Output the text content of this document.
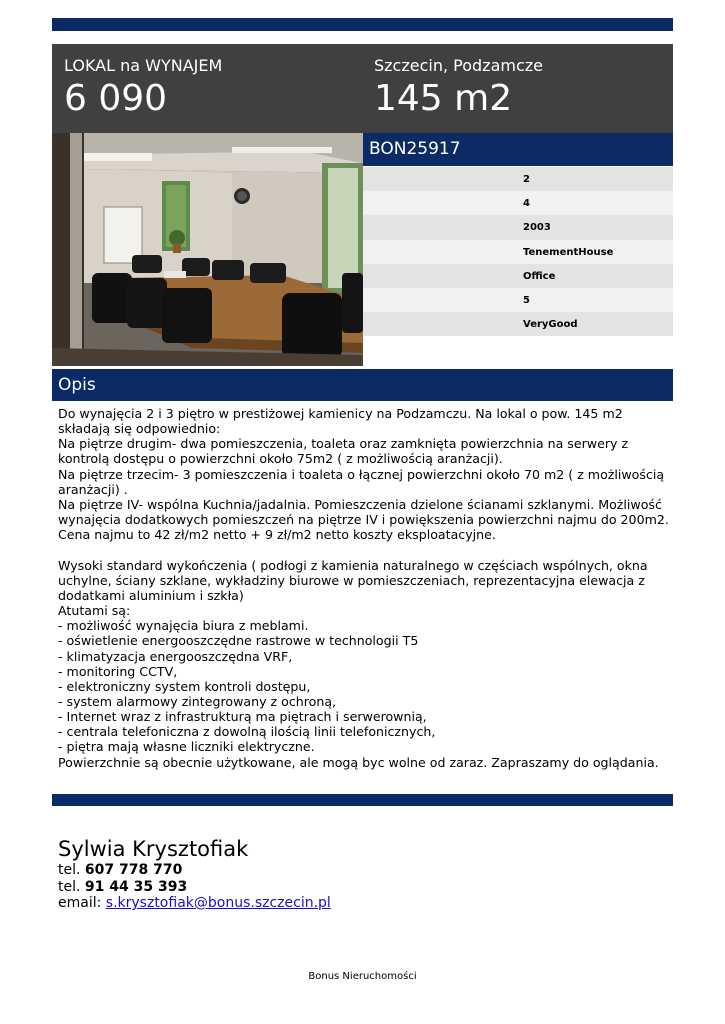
LOKAL na WYNAJEM
6 090
Szczecin, Podzamcze
145 m2
BON25917
2
4
2003
TenementHouse
Office
5
VeryGood
Opis
Do wynajęcia 2 i 3 piętro w prestiżowej kamienicy na Podzamczu. Na lokal o pow. 145 m2 składają się odpowiednio:
Na piętrze drugim- dwa pomieszczenia, toaleta oraz zamknięta powierzchnia na serwery z kontrolą dostępu o powierzchni około 75m2 ( z możliwością aranżacji).
Na piętrze trzecim- 3 pomieszczenia i toaleta o łącznej powierzchni około 70 m2 ( z możliwością aranżacji) .
Na piętrze IV- wspólna Kuchnia/jadalnia. Pomieszczenia dzielone ścianami szklanymi. Możliwość wynajęcia dodatkowych pomieszczeń na piętrze IV i powiększenia powierzchni najmu do 200m2.
Cena najmu to 42 zł/m2 netto + 9 zł/m2 netto koszty eksploatacyjne.

Wysoki standard wykończenia ( podłogi z kamienia naturalnego w częściach wspólnych, okna uchylne, ściany szklane, wykładziny biurowe w pomieszczeniach, reprezentacyjna elewacja z dodatkami aluminium i szkła)
Atutami są:
- możliwość wynajęcia biura z meblami.
- oświetlenie energooszczędne rastrowe w technologii T5
- klimatyzacja energooszczędna VRF,
- monitoring CCTV,
- elektroniczny system kontroli dostępu,
- system alarmowy zintegrowany z ochroną,
- Internet wraz z infrastrukturą ma piętrach i serwerownią,
- centrala telefoniczna z dowolną ilością linii telefonicznych,
- piętra mają własne liczniki elektryczne.
Powierzchnie są obecnie użytkowane, ale mogą byc wolne od zaraz. Zapraszamy do oglądania.
Sylwia Krysztofiak
tel. 607 778 770
tel. 91 44 35 393
email: s.krysztofiak@bonus.szczecin.pl
Bonus Nieruchomości
